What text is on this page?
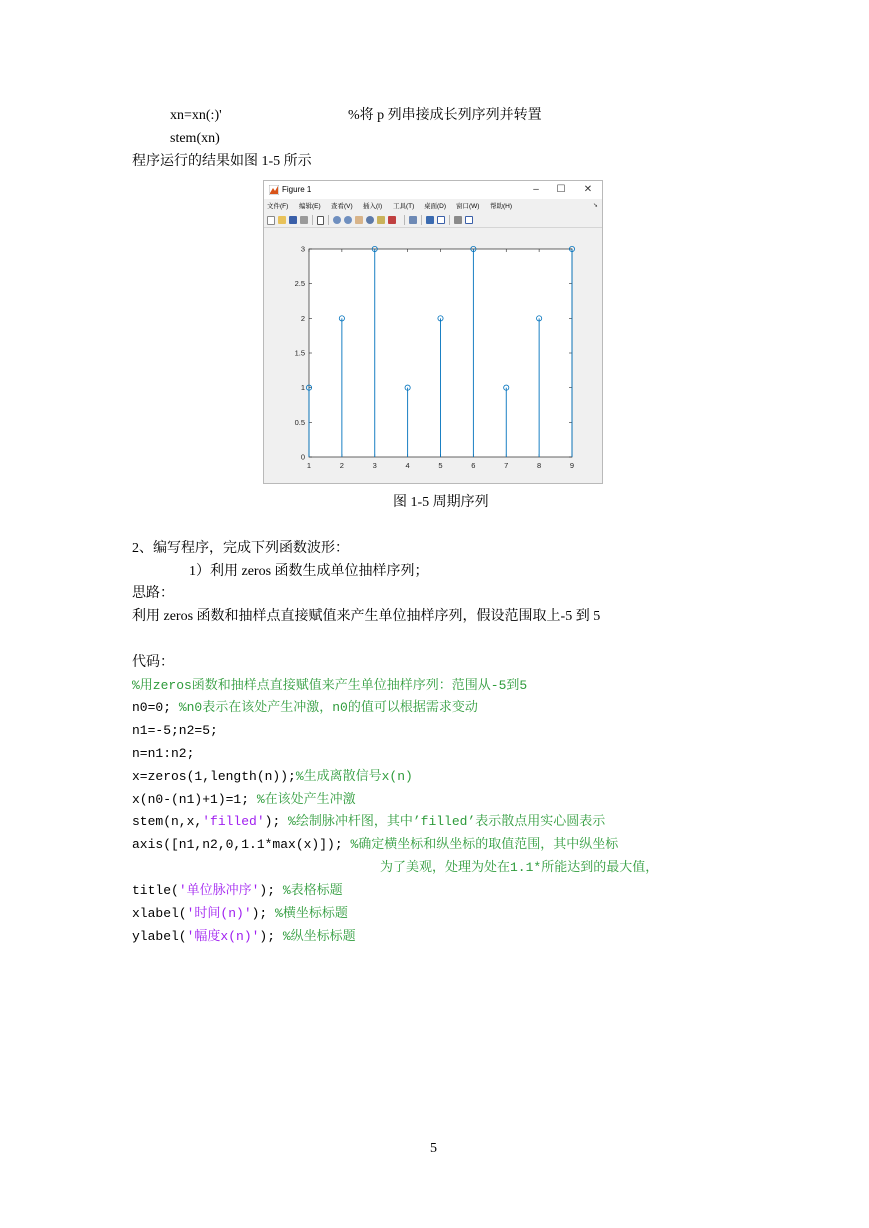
xn=xn(:)'	%将 p 列串接成长列序列并转置
stem(xn)
程序运行的结果如图 1-5 所示
Figure 1	–	☐	✕
文件(F) 编辑(E) 查看(V) 插入(I) 工具(T) 桌面(D) 窗口(W) 帮助(H)	➘
0
0.5
1
1.5
2
2.5
3
1	2	3	4	5	6	7	8	9
图 1-5 周期序列
2、编写程序，完成下列函数波形：
1）利用 zeros 函数生成单位抽样序列；
思路：
利用 zeros 函数和抽样点直接赋值来产生单位抽样序列，假设范围取上-5 到 5
代码：
%用zeros函数和抽样点直接赋值来产生单位抽样序列：范围从-5到5
n0=0; %n0表示在该处产生冲激，n0的值可以根据需求变动
n1=-5;n2=5;
n=n1:n2;
x=zeros(1,length(n));%生成离散信号x(n)
x(n0-(n1)+1)=1; %在该处产生冲激
stem(n,x,'filled'); %绘制脉冲杆图，其中’filled’表示散点用实心圆表示
axis([n1,n2,0,1.1*max(x)]); %确定横坐标和纵坐标的取值范围，其中纵坐标
为了美观，处理为处在1.1*所能达到的最大值，
title('单位脉冲序'); %表格标题
xlabel('时间(n)'); %横坐标标题
ylabel('幅度x(n)'); %纵坐标标题
5
